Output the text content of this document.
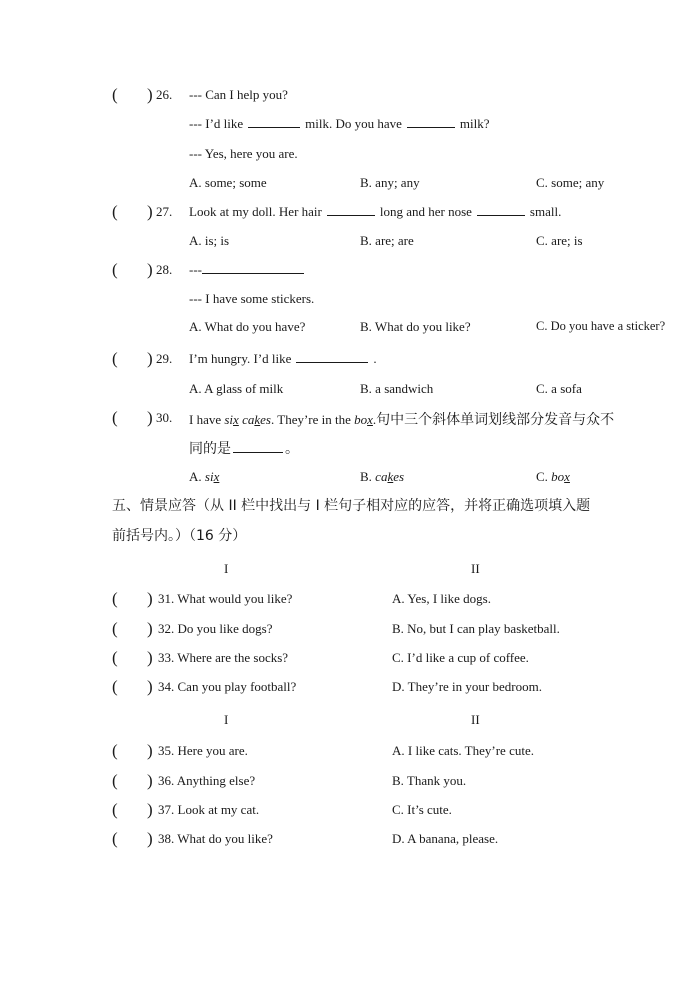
( ) 26. --- Can I help you?
--- I’d like	milk. Do you have	milk?
--- Yes, here you are.
A. some; some	B. any; any	C. some; any
( ) 27. Look at my doll. Her hair	long and her nose	small.
A. is; is	B. are; are	C. are; is
( ) 28. ---
--- I have some stickers.
A. What do you have?	B. What do you like?	C. Do you have a sticker?
( ) 29. I’m hungry. I’d like	.
A. A glass of milk	B. a sandwich	C. a sofa
( ) 30. I have six cakes. They’re in the box.句中三个斜体单词划线部分发音与众不
同的是	。
A. six	B. cakes	C. box
五、情景应答（从 II 栏中找出与 I 栏句子相对应的应答，并将正确选项填入题
前括号内。）（16 分）
I	II
( ) 31. What would you like?	A. Yes, I like dogs.
( ) 32. Do you like dogs?	B. No, but I can play basketball.
( ) 33. Where are the socks?	C. I’d like a cup of coffee.
( ) 34. Can you play football?	D. They’re in your bedroom.
I	II
( ) 35. Here you are.	A. I like cats. They’re cute.
( ) 36. Anything else?	B. Thank you.
( ) 37. Look at my cat.	C. It’s cute.
( ) 38. What do you like?	D. A banana, please.
